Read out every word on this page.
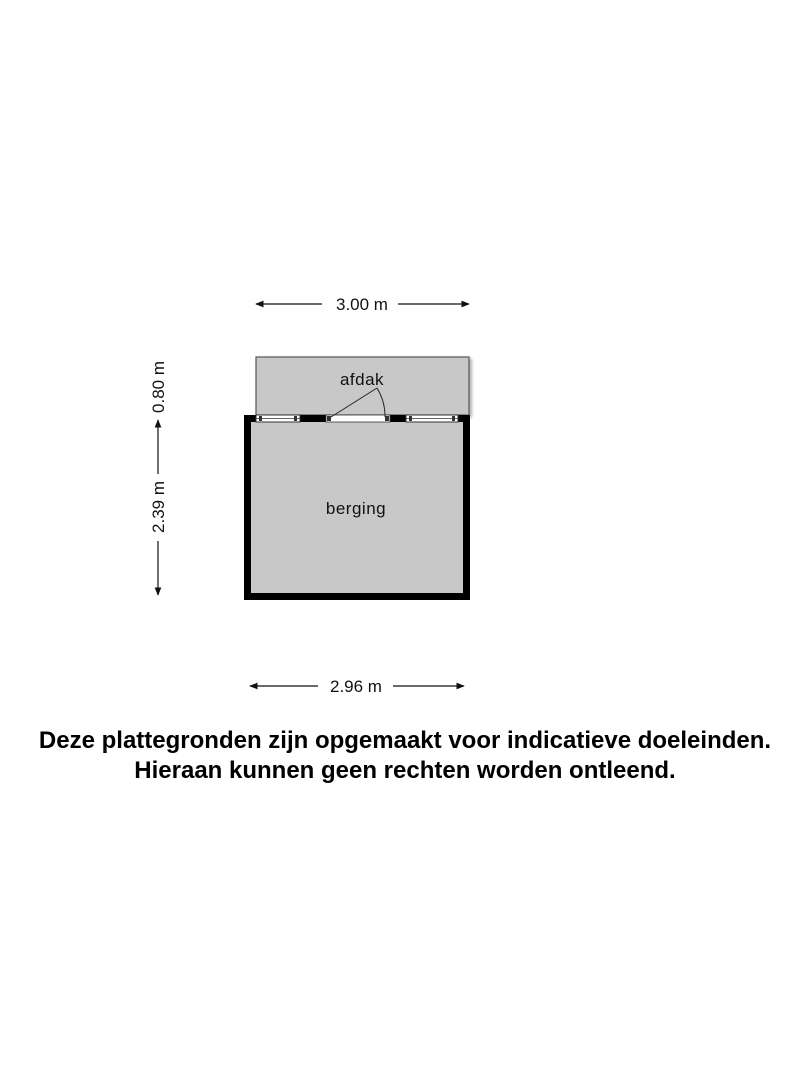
3.00 m
afdak
berging
0.80 m
2.39 m
2.96 m
Deze plattegronden zijn opgemaakt voor indicatieve doeleinden.
Hieraan kunnen geen rechten worden ontleend.
